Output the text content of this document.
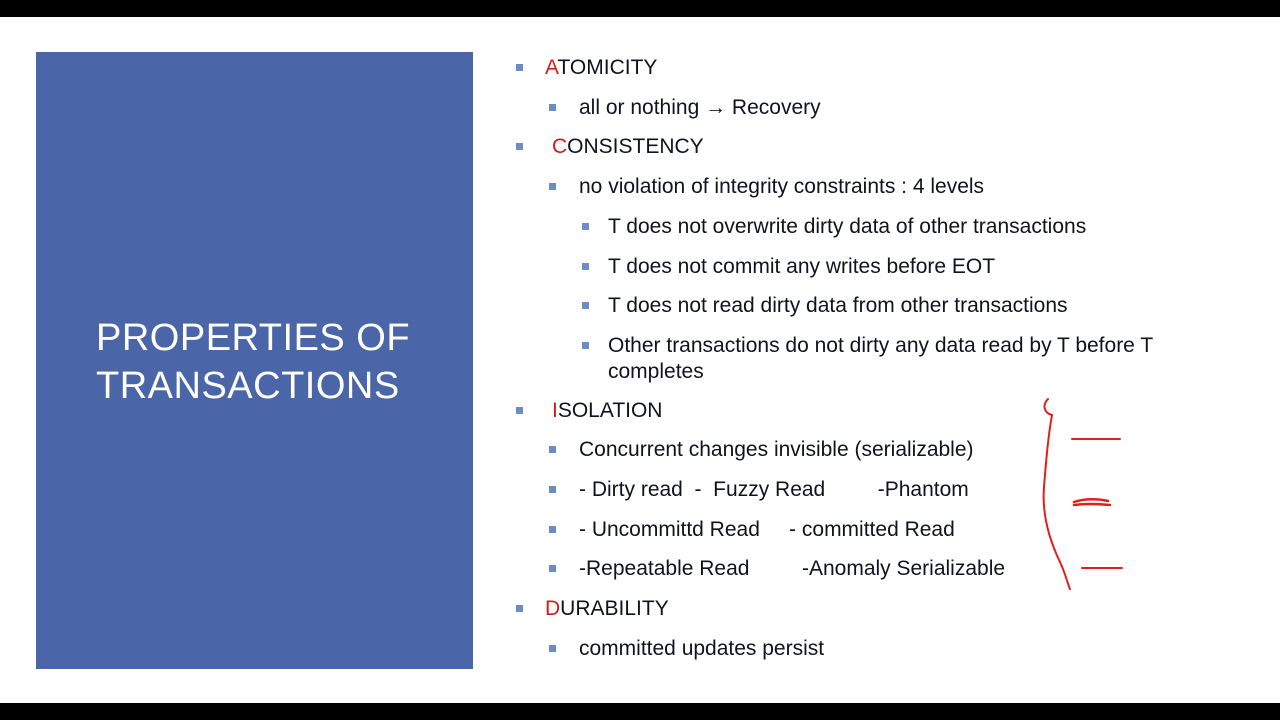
PROPERTIES OF
TRANSACTIONS
ATOMICITY
all or nothing → Recovery
CONSISTENCY
no violation of integrity constraints : 4 levels
T does not overwrite dirty data of other transactions
T does not commit any writes before EOT
T does not read dirty data from other transactions
Other transactions do not dirty any data read by T before T completes
ISOLATION
Concurrent changes invisible (serializable)
- Dirty read  -  Fuzzy Read         -Phantom
- Uncommittd Read     - committed Read
-Repeatable Read         -Anomaly Serializable
DURABILITY
committed updates persist
